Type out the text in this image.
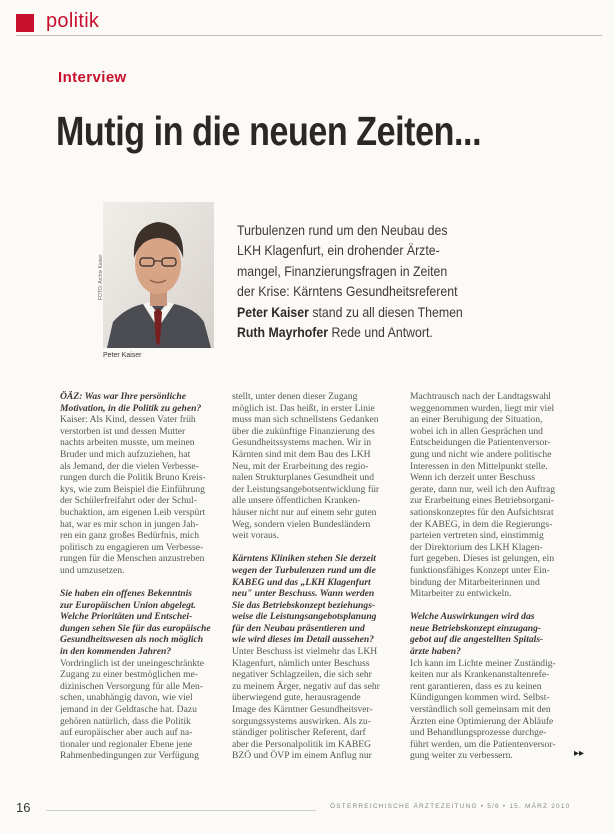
politik
Interview
Mutig in die neuen Zeiten...
FOTO: Archiv Kaiser
Peter Kaiser
Turbulenzen rund um den Neubau des
LKH Klagenfurt, ein drohender Ärzte-
mangel, Finanzierungsfragen in Zeiten
der Krise: Kärntens Gesundheitsreferent
Peter Kaiser stand zu all diesen Themen
Ruth Mayrhofer Rede und Antwort.
ÖÄZ: Was war Ihre persönliche
Motivation, in die Politik zu gehen?
Kaiser: Als Kind, dessen Vater früh
verstorben ist und dessen Mutter
nachts arbeiten musste, um meinen
Bruder und mich aufzuziehen, hat
als Jemand, der die vielen Verbesse-
rungen durch die Politik Bruno Kreis-
kys, wie zum Beispiel die Einführung
der Schülerfreifahrt oder der Schul-
buchaktion, am eigenen Leib verspürt
hat, war es mir schon in jungen Jah-
ren ein ganz großes Bedürfnis, mich
politisch zu engagieren um Verbesse-
rungen für die Menschen anzustreben
und umzusetzen.
Sie haben ein offenes Bekenntnis
zur Europäischen Union abgelegt.
Welche Prioritäten und Entschei-
dungen sehen Sie für das europäische
Gesundheitswesen als noch möglich
in den kommenden Jahren?
Vordringlich ist der uneingeschränkte
Zugang zu einer bestmöglichen me-
dizinischen Versorgung für alle Men-
schen, unabhängig davon, wie viel
jemand in der Geldtasche hat. Dazu
gehören natürlich, dass die Politik
auf europäischer aber auch auf na-
tionaler und regionaler Ebene jene
Rahmenbedingungen zur Verfügung
stellt, unter denen dieser Zugang
möglich ist. Das heißt, in erster Linie
muss man sich schnellstens Gedanken
über die zukünftige Finanzierung des
Gesundheitssystems machen. Wir in
Kärnten sind mit dem Bau des LKH
Neu, mit der Erarbeitung des regio-
nalen Strukturplanes Gesundheit und
der Leistungsangebotsentwicklung für
alle unsere öffentlichen Kranken-
häuser nicht nur auf einem sehr guten
Weg, sondern vielen Bundesländern
weit voraus.
Kärntens Kliniken stehen Sie derzeit
wegen der Turbulenzen rund um die
KABEG und das „LKH Klagenfurt
neu" unter Beschuss. Wann werden
Sie das Betriebskonzept beziehungs-
weise die Leistungsangebotsplanung
für den Neubau präsentieren und
wie wird dieses im Detail aussehen?
Unter Beschuss ist vielmehr das LKH
Klagenfurt, nämlich unter Beschuss
negativer Schlagzeilen, die sich sehr
zu meinem Ärger, negativ auf das sehr
überwiegend gute, herausragende
Image des Kärntner Gesundheitsver-
sorgungssystems auswirken. Als zu-
ständiger politischer Referent, darf
aber die Personalpolitik im KABEG
BZÖ und ÖVP im einem Anflug nur
Machtrausch nach der Landtagswahl
weggenommen wurden, liegt mir viel
an einer Beruhigung der Situation,
wobei ich in allen Gesprächen und
Entscheidungen die Patientenversor-
gung und nicht wie andere politische
Interessen in den Mittelpunkt stelle.
Wenn ich derzeit unter Beschuss
gerate, dann nur, weil ich den Auftrag
zur Erarbeitung eines Betriebsorgani-
sationskonzeptes für den Aufsichtsrat
der KABEG, in dem die Regierungs-
parteien vertreten sind, einstimmig
der Direktorium des LKH Klagen-
furt gegeben. Dieses ist gelungen, ein
funktionsfähiges Konzept unter Ein-
bindung der Mitarbeiterinnen und
Mitarbeiter zu entwickeln.
Welche Auswirkungen wird das
neue Betriebskonzept einzugang-
gebot auf die angestellten Spitals-
ärzte haben?
Ich kann im Lichte meiner Zuständig-
keiten nur als Krankenanstaltenrefe-
rent garantieren, dass es zu keinen
Kündigungen kommen wird. Selbst-
verständlich soll gemeinsam mit den
Ärzten eine Optimierung der Abläufe
und Behandlungsprozesse durchge-
führt werden, um die Patientenversor-
gung weiter zu verbessern.	▸▸
16	ÖSTERREICHISCHE ÄRZTEZEITUNG • 5/6 • 15. MÄRZ 2010
